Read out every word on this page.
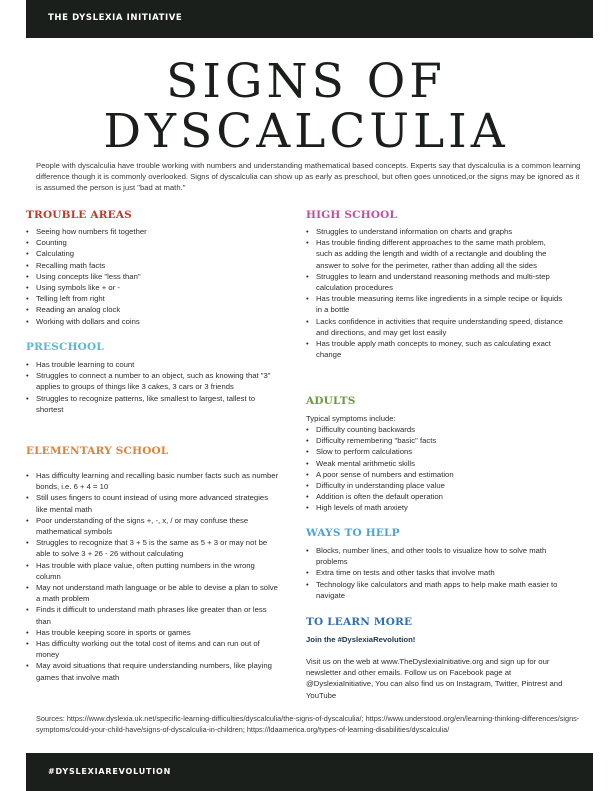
THE DYSLEXIA INITIATIVE
SIGNS OF
DYSCALCULIA
People with dyscalculia have trouble working with numbers and understanding mathematical based concepts. Experts say that dyscalculia is a common learning difference though it is commonly overlooked. Signs of dyscalculia can show up as early as preschool, but often goes unnoticed,or the signs may be ignored as it is assumed the person is just "bad at math."
TROUBLE AREAS
• Seeing how numbers fit together
• Counting
• Calculating
• Recalling math facts
• Using concepts like "less than"
• Using symbols like + or -
• Telling left from right
• Reading an analog clock
• Working with dollars and coins
PRESCHOOL
• Has trouble learning to count
• Struggles to connect a number to an object, such as knowing that "3" applies to groups of things like 3 cakes, 3 cars or 3 friends
• Struggles to recognize patterns, like smallest to largest, tallest to shortest
ELEMENTARY SCHOOL
• Has difficulty learning and recalling basic number facts such as number bonds, i.e. 6 + 4 = 10
• Still uses fingers to count instead of using more advanced strategies like mental math
• Poor understanding of the signs +, -, x, / or may confuse these mathematical symbols
• Struggles to recognize that 3 + 5 is the same as 5 + 3 or may not be able to solve 3 + 26 - 26 without calculating
• Has trouble with place value, often putting numbers in the wrong column
• May not understand math language or be able to devise a plan to solve a math problem
• Finds it difficult to understand math phrases like greater than or less than
• Has trouble keeping score in sports or games
• Has difficulty working out the total cost of items and can run out of money
• May avoid situations that require understanding numbers, like playing games that involve math
HIGH SCHOOL
• Struggles to understand information on charts and graphs
• Has trouble finding different approaches to the same math problem, such as adding the length and width of a rectangle and doubling the answer to solve for the perimeter, rather than adding all the sides
• Struggles to learn and understand reasoning methods and multi-step calculation procedures
• Has trouble measuring items like ingredients in a simple recipe or liquids in a bottle
• Lacks confidence in activities that require understanding speed, distance and directions, and may get lost easily
• Has trouble apply math concepts to money, such as calculating exact change
ADULTS
Typical symptoms include:
• Difficulty counting backwards
• Difficulty remembering "basic" facts
• Slow to perform calculations
• Weak mental arithmetic skills
• A poor sense of numbers and estimation
• Difficulty in understanding place value
• Addition is often the default operation
• High levels of math anxiety
WAYS TO HELP
• Blocks, number lines, and other tools to visualize how to solve math problems
• Extra time on tests and other tasks that involve math
• Technology like calculators and math apps to help make math easier to navigate
TO LEARN MORE
Join the #DyslexiaRevolution!
Visit us on the web at www.TheDyslexiaInitiative.org and sign up for our newsletter and other emails. Follow us on Facebook page at @DyslexiaInitiative, You can also find us on Instagram, Twitter, Pintrest and YouTube
Sources: https://www.dyslexia.uk.net/specific-learning-difficulties/dyscalculia/the-signs-of-dyscalculia/; https://www.understood.org/en/learning-thinking-differences/signs-symptoms/could-your-child-have/signs-of-dyscalculia-in-children; https://ldaamerica.org/types-of-learning-disabilities/dyscalculia/
#DYSLEXIAREVOLUTION
